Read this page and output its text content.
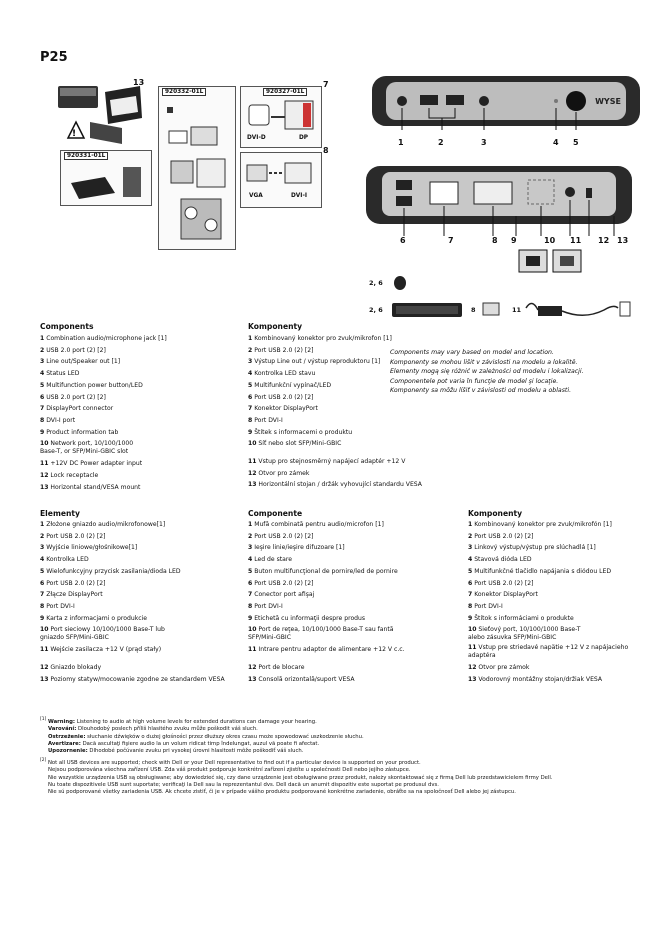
P25
!
13
920332-01L	920327-01L
DVI-D	DP
7
920331-01L
VGA	DVI-I
8
WYSE
1	2	3	4 5
6	7	8 9	10 11 12 13
2, 6
2, 6	8	11
Components
1 Combination audio/microphone jack [1]
2 USB 2.0 port (2) [2]
3 Line out/Speaker out [1]
4 Status LED
5 Multifunction power button/LED
6 USB 2.0 port (2) [2]
7 DisplayPort connector
8 DVI-I port
9 Product information tab
10 Network port, 10/100/1000 Base-T, or SFP/Mini-GBIC slot
11 +12V DC Power adapter input
12 Lock receptacle
13 Horizontal stand/VESA mount
Komponenty
1 Kombinovaný konektor pro zvuk/mikrofon [1]
2 Port USB 2.0 (2) [2]
3 Výstup Line out / výstup reproduktoru [1]
4 Kontrolka LED stavu
5 Multifunkční vypínač/LED
6 Port USB 2.0 (2) [2]
7 Konektor DisplayPort
8 Port DVI-I
9 Štítek s informacemi o produktu
10 Síť nebo slot SFP/Mini-GBIC
11 Vstup pro stejnosměrný napájecí adaptér +12 V
12 Otvor pro zámek
13 Horizontální stojan / držák vyhovující standardu VESA
Components may vary based on model and location.
Komponenty se mohou lišit v závislosti na modelu a lokalitě.
Elementy mogą się różnić w zależności od modelu i lokalizacji.
Componentele pot varia în funcţie de model şi locaţie.
Komponenty sa môžu líšiť v závislosti od modelu a oblasti.
Elementy
1 Złożone gniazdo audio/mikrofonowe[1]
2 Port USB 2.0 (2) [2]
3 Wyjście liniowe/głośnikowe[1]
4 Kontrolka LED
5 Wielofunkcyjny przycisk zasilania/dioda LED
6 Port USB 2.0 (2) [2]
7 Złącze DisplayPort
8 Port DVI-I
9 Karta z informacjami o produkcie
10 Port sieciowy 10/100/1000 Base-T lub gniazdo SFP/Mini-GBIC
11 Wejście zasilacza +12 V (prąd stały)
12 Gniazdo blokady
13 Poziomy statyw/mocowanie zgodne ze standardem VESA
Componente
1 Mufă combinată pentru audio/microfon [1]
2 Port USB 2.0 (2) [2]
3 Ieşire linie/ieşire difuzoare [1]
4 Led de stare
5 Buton multifuncţional de pornire/led de pornire
6 Port USB 2.0 (2) [2]
7 Conector port afişaj
8 Port DVI-I
9 Etichetă cu informaţii despre produs
10 Port de reţea, 10/100/1000 Base-T sau fantă SFP/Mini-GBIC
11 Intrare pentru adaptor de alimentare +12 V c.c.
12 Port de blocare
13 Consolă orizontală/suport VESA
Komponenty
1 Kombinovaný konektor pre zvuk/mikrofón [1]
2 Port USB 2.0 (2) [2]
3 Linkový výstup/výstup pre slúchadlá [1]
4 Stavová dióda LED
5 Multifunkčné tlačidlo napájania s diódou LED
6 Port USB 2.0 (2) [2]
7 Konektor DisplayPort
8 Port DVI-I
9 Štítok s informáciami o produkte
10 Sieťový port, 10/100/1000 Base-T alebo zásuvka SFP/Mini-GBIC
11 Vstup pre striedavé napätie +12 V z napájacieho adaptéra
12 Otvor pre zámok
13 Vodorovný montážny stojan/držiak VESA
[1] Warning: Listening to audio at high volume levels for extended durations can damage your hearing.
Varování: Dlouhodobý poslech příliš hlasitého zvuku může poškodit váš sluch.
Ostrzeżenie: słuchanie dźwięków o dużej głośności przez dłuższy okres czasu może spowodować uszkodzenie słuchu.
Avertizare: Dacă ascultaţi fişiere audio la un volum ridicat timp îndelungat, auzul vă poate fi afectat.
Upozornenie: Dlhodobé počúvanie zvuku pri vysokej úrovni hlasitosti môže poškodiť váš sluch.
[2] Not all USB devices are supported; check with Dell or your Dell representative to find out if a particular device is supported on your product.
Nejsou podporována všechna zařízení USB. Zda váš produkt podporuje konkrétní zařízení zjistíte u společnosti Dell nebo jejího zástupce.
Nie wszystkie urządzenia USB są obsługiwane; aby dowiedzieć się, czy dane urządzenie jest obsługiwane przez produkt, należy skontaktować się z firmą Dell lub przedstawicielem firmy Dell.
Nu toate dispozitivele USB sunt suportate; verificaţi la Dell sau la reprezentantul dvs. Dell dacă un anumit dispozitiv este suportat pe produsul dvs.
Nie sú podporované všetky zariadenia USB. Ak chcete zistiť, či je v prípade vášho produktu podporované konkrétne zariadenie, obráťte sa na spoločnosť Dell alebo jej zástupcu.
